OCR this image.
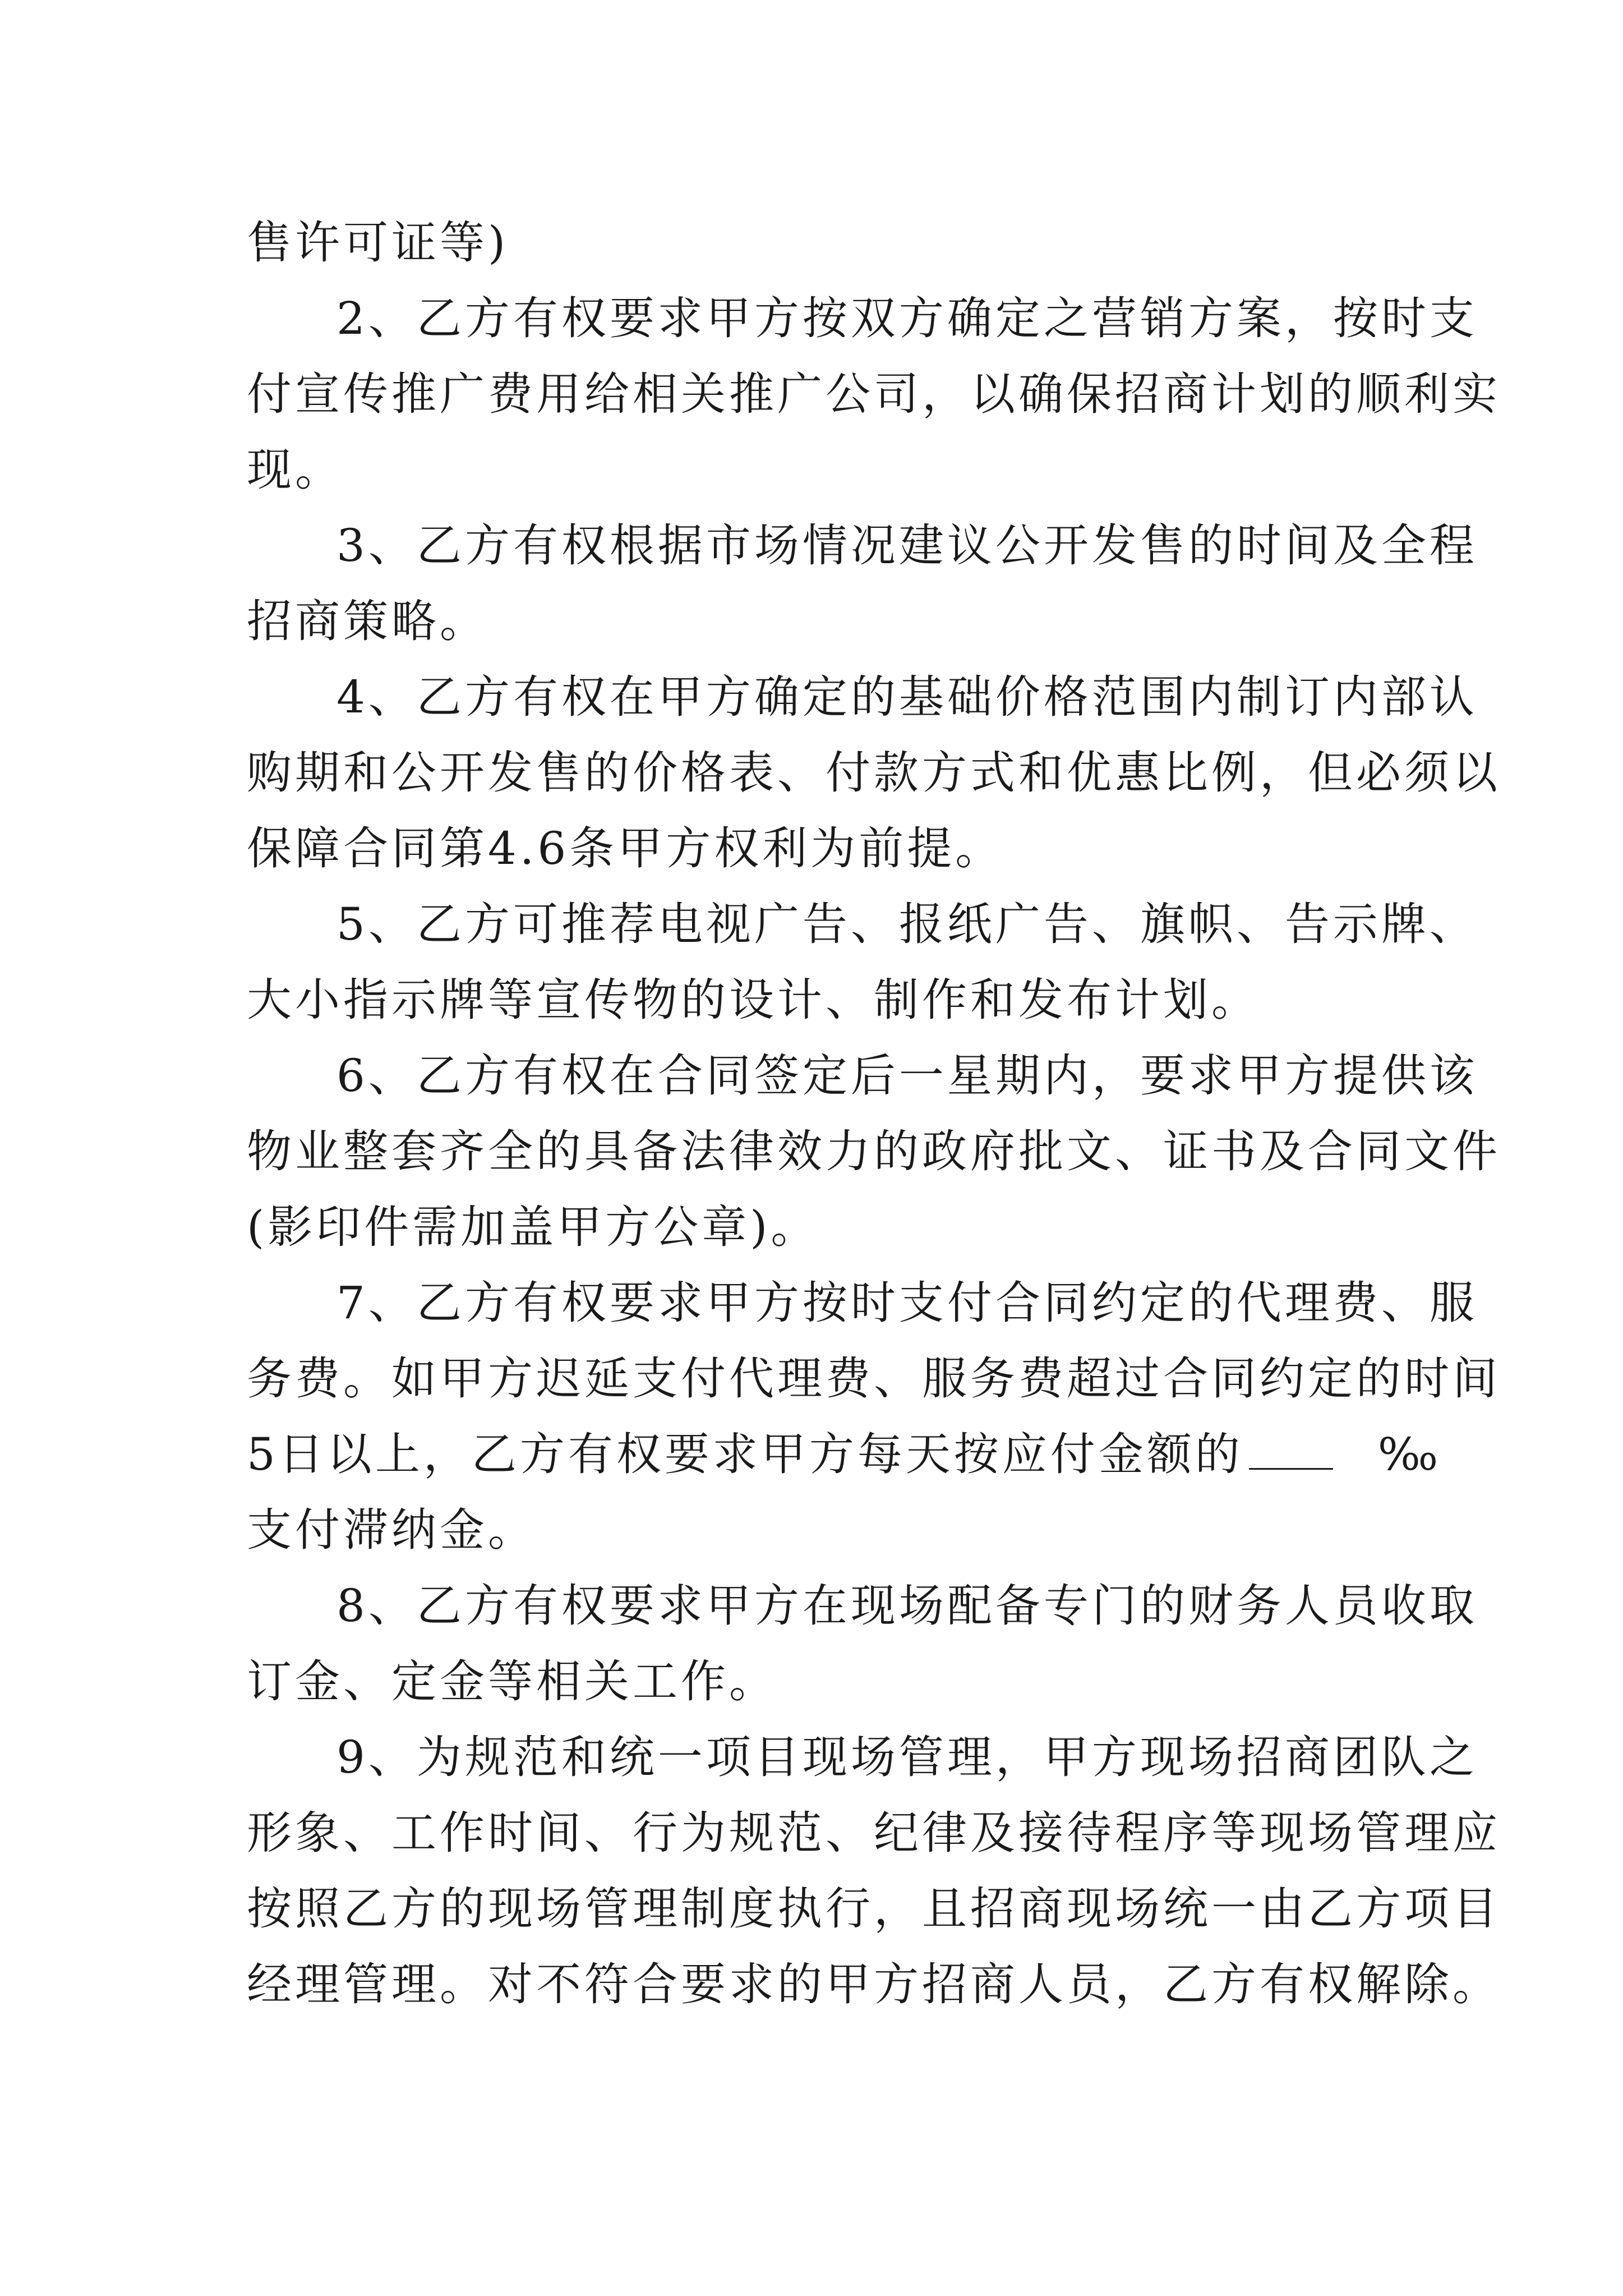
售许可证等)
2、乙方有权要求甲方按双方确定之营销方案，按时支
付宣传推广费用给相关推广公司，以确保招商计划的顺利实
现。
3、乙方有权根据市场情况建议公开发售的时间及全程
招商策略。
4、乙方有权在甲方确定的基础价格范围内制订内部认
购期和公开发售的价格表、付款方式和优惠比例，但必须以
保障合同第4.6条甲方权利为前提。
5、乙方可推荐电视广告、报纸广告、旗帜、告示牌、
大小指示牌等宣传物的设计、制作和发布计划。
6、乙方有权在合同签定后一星期内，要求甲方提供该
物业整套齐全的具备法律效力的政府批文、证书及合同文件
(影印件需加盖甲方公章)。
7、乙方有权要求甲方按时支付合同约定的代理费、服
务费。如甲方迟延支付代理费、服务费超过合同约定的时间
5日以上，乙方有权要求甲方每天按应付金额的	‰
支付滞纳金。
8、乙方有权要求甲方在现场配备专门的财务人员收取
订金、定金等相关工作。
9、为规范和统一项目现场管理，甲方现场招商团队之
形象、工作时间、行为规范、纪律及接待程序等现场管理应
按照乙方的现场管理制度执行，且招商现场统一由乙方项目
经理管理。对不符合要求的甲方招商人员，乙方有权解除。
